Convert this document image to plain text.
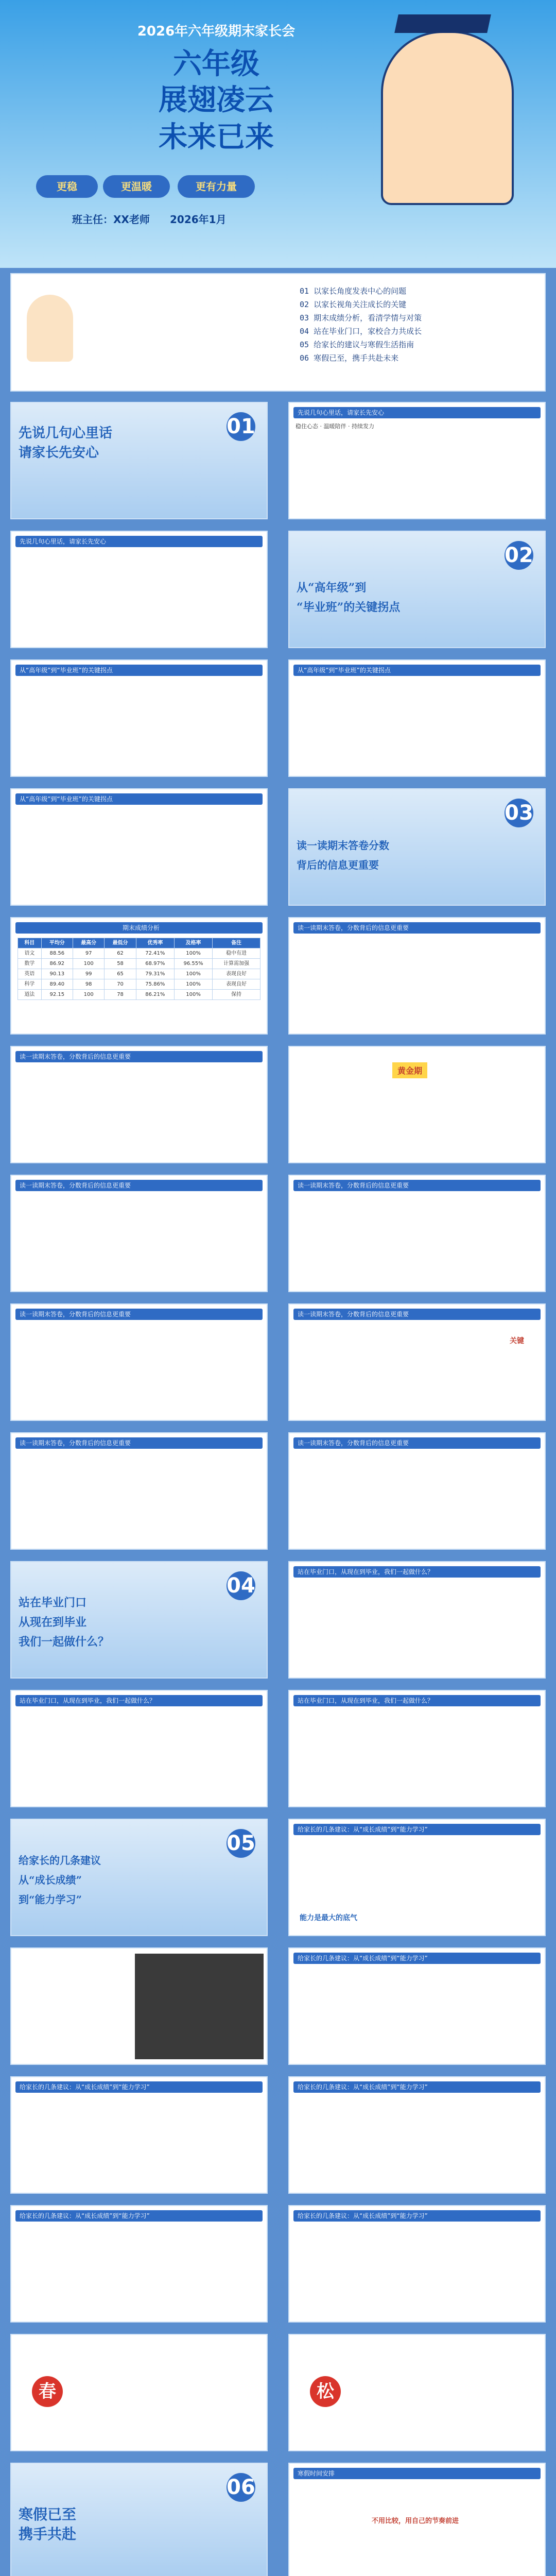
2026年六年级期末家长会
六年级
展翅凌云
未来已来
更稳	更温暖	更有力量
班主任：XX老师 2026年1月
01 以家长角度发表中心的问题
02 以家长视角关注成长的关键
03 期末成绩分析，看清学情与对策
04 站在毕业门口，家校合力共成长
05 给家长的建议与寒假生活指南
06 寒假已至，携手共赴未来
01
先说几句心里话
请家长先安心
先说几句心里话，请家长先安心
稳住心态 · 温暖陪伴 · 持续发力
先说几句心里话，请家长先安心
02
从“高年级”到
“毕业班”的关键拐点
从“高年级”到“毕业班”的关键拐点	从“高年级”到“毕业班”的关键拐点
从“高年级”到“毕业班”的关键拐点
03
读一读期末答卷分数
背后的信息更重要
期末成绩分析
科目	平均分	最高分	最低分	优秀率	及格率	备注
语文	88.56	97	62	72.41%	100%	稳中有进
数学	86.92	100	58	68.97%	96.55%	计算需加强
英语	90.13	99	65	79.31%	100%	表现良好
科学	89.40	98	70	75.86%	100%	表现良好
道法	92.15	100	78	86.21%	100%	保持
读一读期末答卷，分数背后的信息更重要
读一读期末答卷，分数背后的信息更重要
黄金期
读一读期末答卷，分数背后的信息更重要	读一读期末答卷，分数背后的信息更重要
读一读期末答卷，分数背后的信息更重要	读一读期末答卷，分数背后的信息更重要
关键
读一读期末答卷，分数背后的信息更重要	读一读期末答卷，分数背后的信息更重要
04
站在毕业门口
从现在到毕业
我们一起做什么？
站在毕业门口，从现在到毕业，我们一起做什么？
站在毕业门口，从现在到毕业，我们一起做什么？	站在毕业门口，从现在到毕业，我们一起做什么？
05
给家长的几条建议
从“成长成绩”
到“能力学习”
给家长的几条建议：从“成长成绩”到“能力学习”
能力是最大的底气
给家长的几条建议：从“成长成绩”到“能力学习”
给家长的几条建议：从“成长成绩”到“能力学习”	给家长的几条建议：从“成长成绩”到“能力学习”
给家长的几条建议：从“成长成绩”到“能力学习”	给家长的几条建议：从“成长成绩”到“能力学习”
春	松
06
寒假已至
携手共赴
寒假时间安排
不用比较，用自己的节奏前进
